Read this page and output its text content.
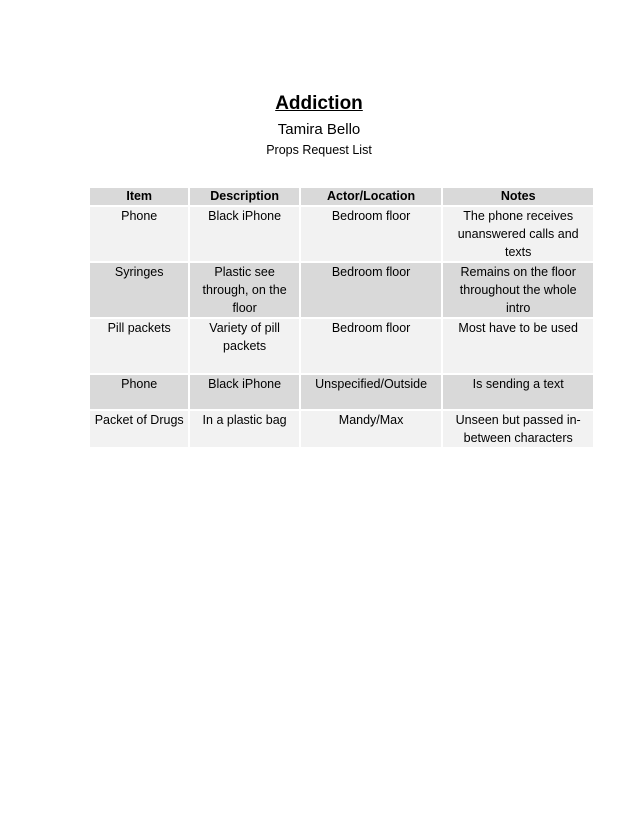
Addiction
Tamira Bello
Props Request List
Item	Description	Actor/Location	Notes
Phone	Black iPhone	Bedroom floor	The phone receives unanswered calls and texts
Syringes	Plastic see through, on the floor	Bedroom floor	Remains on the floor throughout the whole intro
Pill packets	Variety of pill packets	Bedroom floor	Most have to be used
Phone	Black iPhone	Unspecified/Outside	Is sending a text
Packet of Drugs	In a plastic bag	Mandy/Max	Unseen but passed in-between characters
